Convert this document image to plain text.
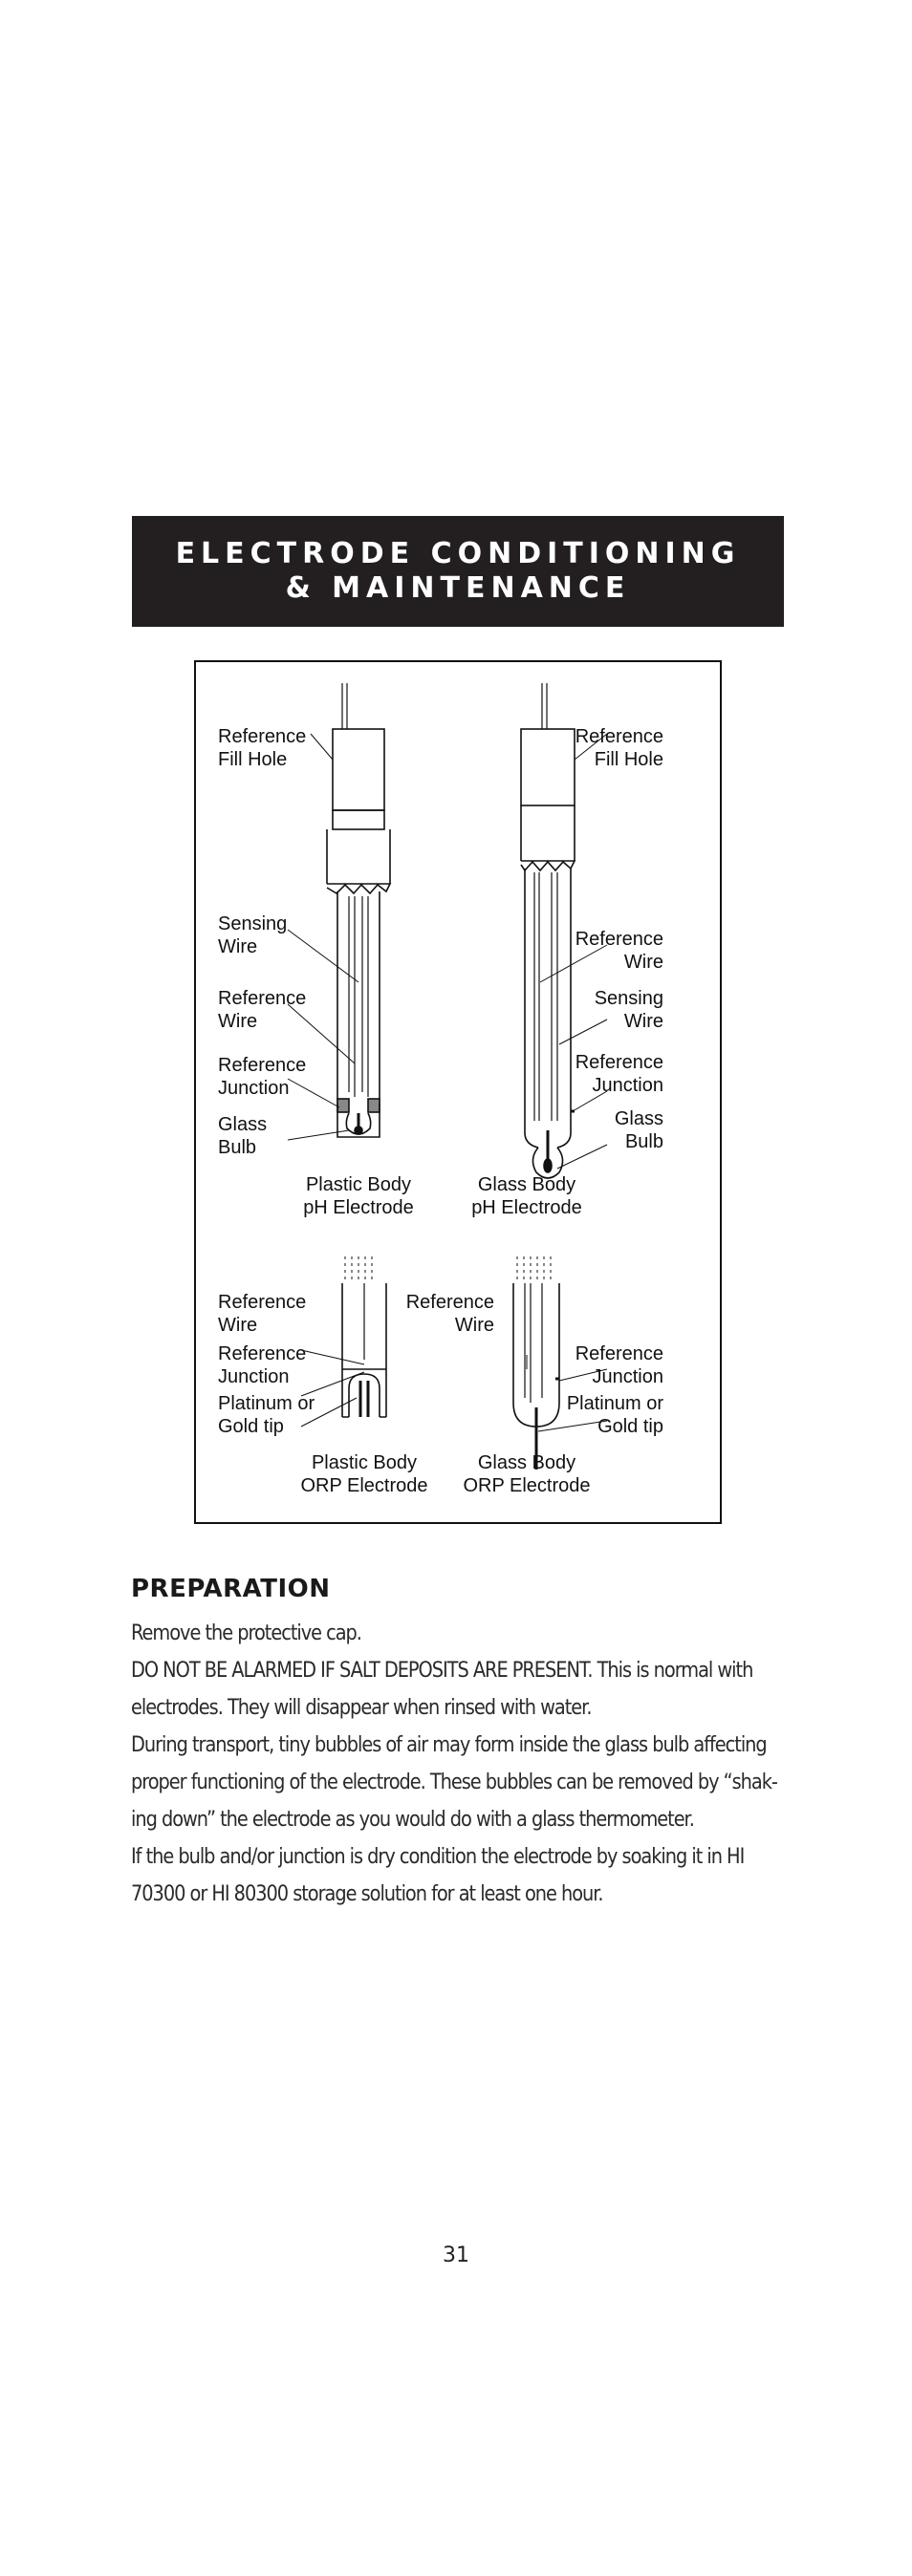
ELECTRODE CONDITIONING
& MAINTENANCE
Reference Fill Hole
Sensing Wire
Reference Wire
Reference Junction
Glass Bulb
Plastic Body pH Electrode
Reference Fill Hole
Reference Wire
Sensing Wire
Reference Junction
Glass Bulb
Glass Body pH Electrode
Reference Wire
Reference Junction
Platinum or Gold tip
Plastic Body ORP Electrode
Reference Wire
Reference Junction
Platinum or Gold tip
Glass Body ORP Electrode
PREPARATION

Remove the protective cap.

DO NOT BE ALARMED IF SALT DEPOSITS ARE PRESENT. This is normal with electrodes. They will disappear when rinsed with water.

During transport, tiny bubbles of air may form inside the glass bulb affecting proper functioning of the electrode. These bubbles can be removed by “shak-ing down” the electrode as you would do with a glass thermometer.

If the bulb and/or junction is dry condition the electrode by soaking it in HI 70300 or HI 80300 storage solution for at least one hour.

31
